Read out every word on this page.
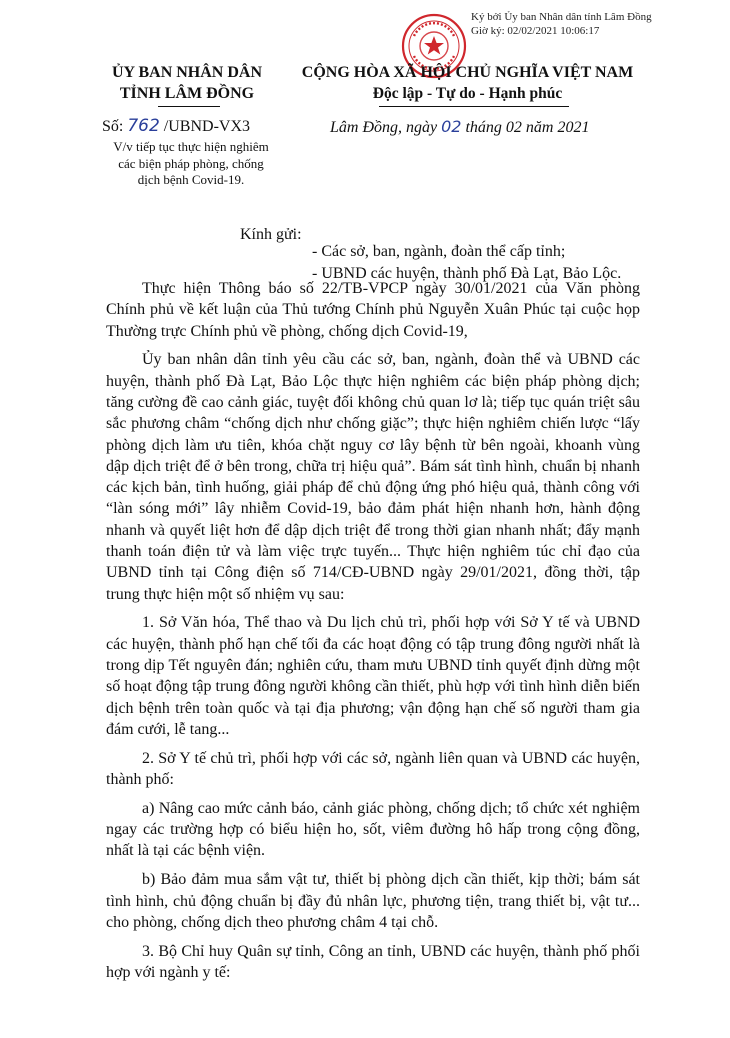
Ký bởi Ủy ban Nhân dân tỉnh Lâm Đồng
Giờ ký: 02/02/2021 10:06:17
ỦY BAN NHÂN DÂN
TỈNH LÂM ĐỒNG
CỘNG HÒA XÃ HỘI CHỦ NGHĨA VIỆT NAM
Độc lập - Tự do - Hạnh phúc
Số: 762 /UBND-VX3
V/v tiếp tục thực hiện nghiêm
các biện pháp phòng, chống
dịch bệnh Covid-19.
Lâm Đồng, ngày 02 tháng 02 năm 2021
Kính gửi:
- Các sở, ban, ngành, đoàn thể cấp tỉnh;
- UBND các huyện, thành phố Đà Lạt, Bảo Lộc.

Thực hiện Thông báo số 22/TB-VPCP ngày 30/01/2021 của Văn phòng Chính phủ về kết luận của Thủ tướng Chính phủ Nguyễn Xuân Phúc tại cuộc họp Thường trực Chính phủ về phòng, chống dịch Covid-19,

Ủy ban nhân dân tỉnh yêu cầu các sở, ban, ngành, đoàn thể và UBND các huyện, thành phố Đà Lạt, Bảo Lộc thực hiện nghiêm các biện pháp phòng dịch; tăng cường đề cao cảnh giác, tuyệt đối không chủ quan lơ là; tiếp tục quán triệt sâu sắc phương châm “chống dịch như chống giặc”; thực hiện nghiêm chiến lược “lấy phòng dịch làm ưu tiên, khóa chặt nguy cơ lây bệnh từ bên ngoài, khoanh vùng dập dịch triệt để ở bên trong, chữa trị hiệu quả”. Bám sát tình hình, chuẩn bị nhanh các kịch bản, tình huống, giải pháp để chủ động ứng phó hiệu quả, thành công với “làn sóng mới” lây nhiễm Covid-19, bảo đảm phát hiện nhanh hơn, hành động nhanh và quyết liệt hơn để dập dịch triệt để trong thời gian nhanh nhất; đẩy mạnh thanh toán điện tử và làm việc trực tuyến... Thực hiện nghiêm túc chỉ đạo của UBND tỉnh tại Công điện số 714/CĐ-UBND ngày 29/01/2021, đồng thời, tập trung thực hiện một số nhiệm vụ sau:

1. Sở Văn hóa, Thể thao và Du lịch chủ trì, phối hợp với Sở Y tế và UBND các huyện, thành phố hạn chế tối đa các hoạt động có tập trung đông người nhất là trong dịp Tết nguyên đán; nghiên cứu, tham mưu UBND tỉnh quyết định dừng một số hoạt động tập trung đông người không cần thiết, phù hợp với tình hình diễn biến dịch bệnh trên toàn quốc và tại địa phương; vận động hạn chế số người tham gia đám cưới, lễ tang...

2. Sở Y tế chủ trì, phối hợp với các sở, ngành liên quan và UBND các huyện, thành phố:

a) Nâng cao mức cảnh báo, cảnh giác phòng, chống dịch; tổ chức xét nghiệm ngay các trường hợp có biểu hiện ho, sốt, viêm đường hô hấp trong cộng đồng, nhất là tại các bệnh viện.

b) Bảo đảm mua sắm vật tư, thiết bị phòng dịch cần thiết, kịp thời; bám sát tình hình, chủ động chuẩn bị đầy đủ nhân lực, phương tiện, trang thiết bị, vật tư... cho phòng, chống dịch theo phương châm 4 tại chỗ.

3. Bộ Chỉ huy Quân sự tỉnh, Công an tỉnh, UBND các huyện, thành phố phối hợp với ngành y tế:
